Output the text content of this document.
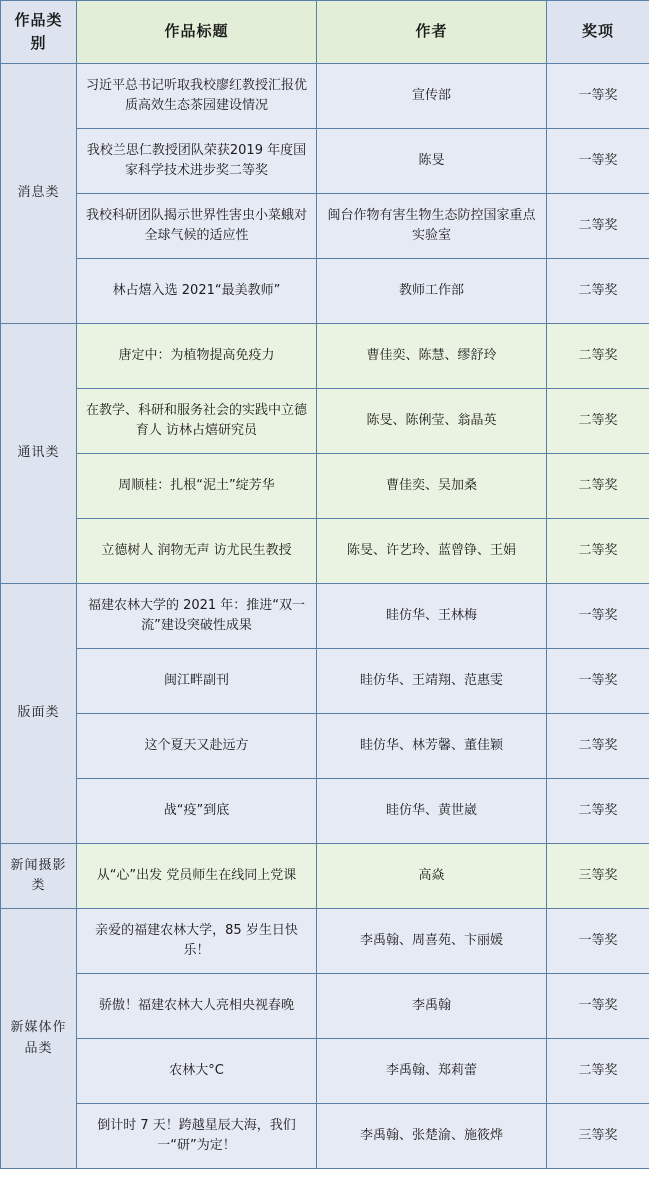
作品类别	作品标题	作者	奖项
消息类	习近平总书记听取我校廖红教授汇报优质高效生态茶园建设情况	宣传部	一等奖
	我校兰思仁教授团队荣获2019 年度国家科学技术进步奖二等奖	陈旻	一等奖
	我校科研团队揭示世界性害虫小菜蛾对全球气候的适应性	闽台作物有害生物生态防控国家重点实验室	二等奖
	林占熺入选 2021“最美教师”	教师工作部	二等奖
通讯类	唐定中：为植物提高免疫力	曹佳奕、陈慧、缪舒玲	二等奖
	在教学、科研和服务社会的实践中立德育人 访林占熺研究员	陈旻、陈俐莹、翁晶英	二等奖
	周顺桂：扎根“泥土”绽芳华	曹佳奕、吴加桑	二等奖
	立德树人 润物无声 访尤民生教授	陈旻、许艺玲、蓝曾铮、王娟	二等奖
版面类	福建农林大学的 2021 年：推进“双一流”建设突破性成果	眭仿华、王林梅	一等奖
	闽江畔副刊	眭仿华、王靖翔、范惠雯	一等奖
	这个夏天又赴远方	眭仿华、林芳馨、董佳颖	二等奖
	战“疫”到底	眭仿华、黄世崴	二等奖
新闻摄影类	从“心”出发 党员师生在线同上党课	高焱	三等奖
新媒体作品类	亲爱的福建农林大学，85 岁生日快乐！	李禹翰、周喜苑、卞丽媛	一等奖
	骄傲！福建农林大人亮相央视春晚	李禹翰	一等奖
	农林大°C	李禹翰、郑莉蕾	二等奖
	倒计时 7 天！跨越星辰大海，我们一“研”为定！	李禹翰、张楚渝、施筱烨	三等奖
